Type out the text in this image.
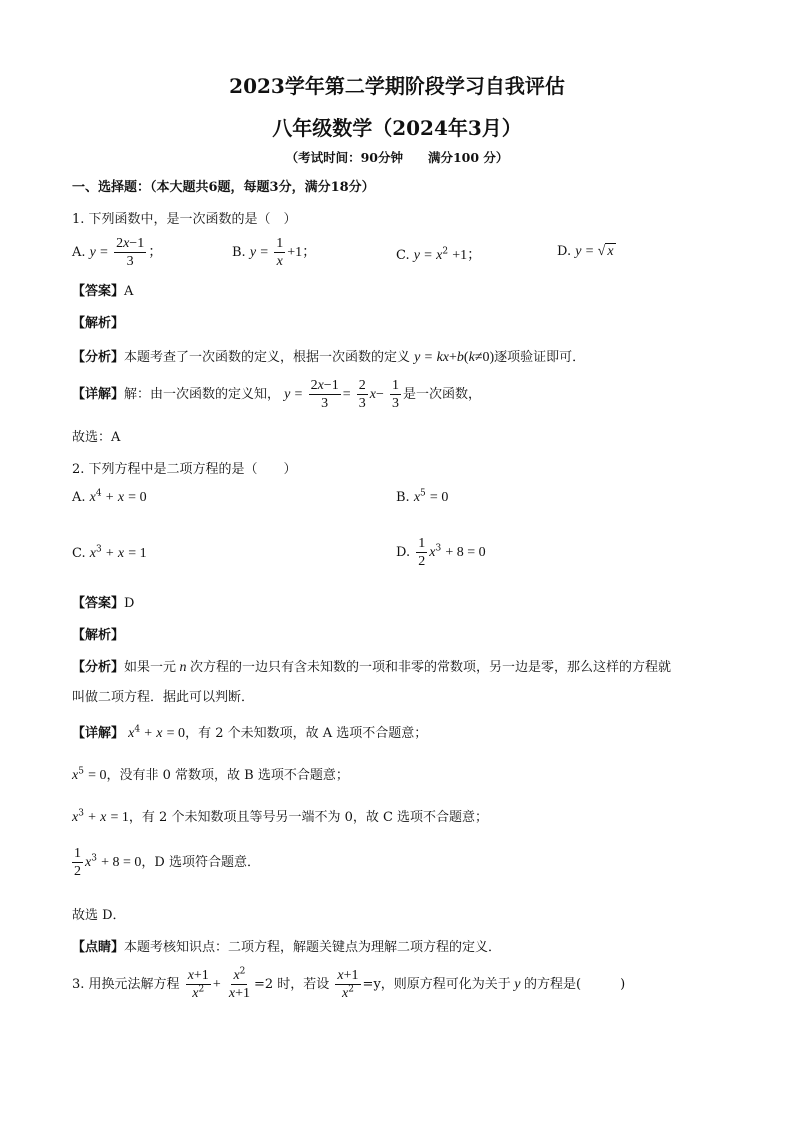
2023学年第二学期阶段学习自我评估
八年级数学（2024年3月）
（考试时间：90分钟　　满分100 分）
一、选择题：（本大题共6题，每题3分，满分18分）
1. 下列函数中，是一次函数的是（　）
A. $y = \frac{2x-1}{3}$ ；	B. $y = \frac{1}{x} +1$；	C. $y = x^2 +1$；	D. y = √ x
【答案】A
【解析】
【分析】本题考查了一次函数的定义，根据一次函数的定义 y = kx+b(k≠0)逐项验证即可．
【详解】解：由一次函数的定义知， $y = \frac{2x-1}{3} = \frac{2}{3} x- \frac{1}{3}$ 是一次函数，
故选：A
2. 下列方程中是二项方程的是（　　）
A. $x^4 + x = 0$	B. $x^5 = 0$
C. $x^3 + x = 1$	D. $\frac{1}{2} x^3 + 8 = 0$
【答案】D
【解析】
【分析】如果一元 n 次方程的一边只有含未知数的一项和非零的常数项，另一边是零，那么这样的方程就
叫做二项方程．据此可以判断．
【详解】 $x^4 + x = 0$，有 2 个未知数项，故 A 选项不合题意；
$x^5 = 0$，没有非 0 常数项，故 B 选项不合题意；
$x^3 + x = 1$，有 2 个未知数项且等号另一端不为 0，故 C 选项不合题意；
$\frac{1}{2} x^3 + 8 = 0$，D 选项符合题意．
故选 D．
【点睛】本题考核知识点：二项方程，解题关键点为理解二项方程的定义．
3. 用换元法解方程 $\frac{x+1}{x^2} + \frac{x^2}{x+1} =2$ 时，若设 $\frac{x+1}{x^2} =y$，则原方程可化为关于 y 的方程是(　　　)
